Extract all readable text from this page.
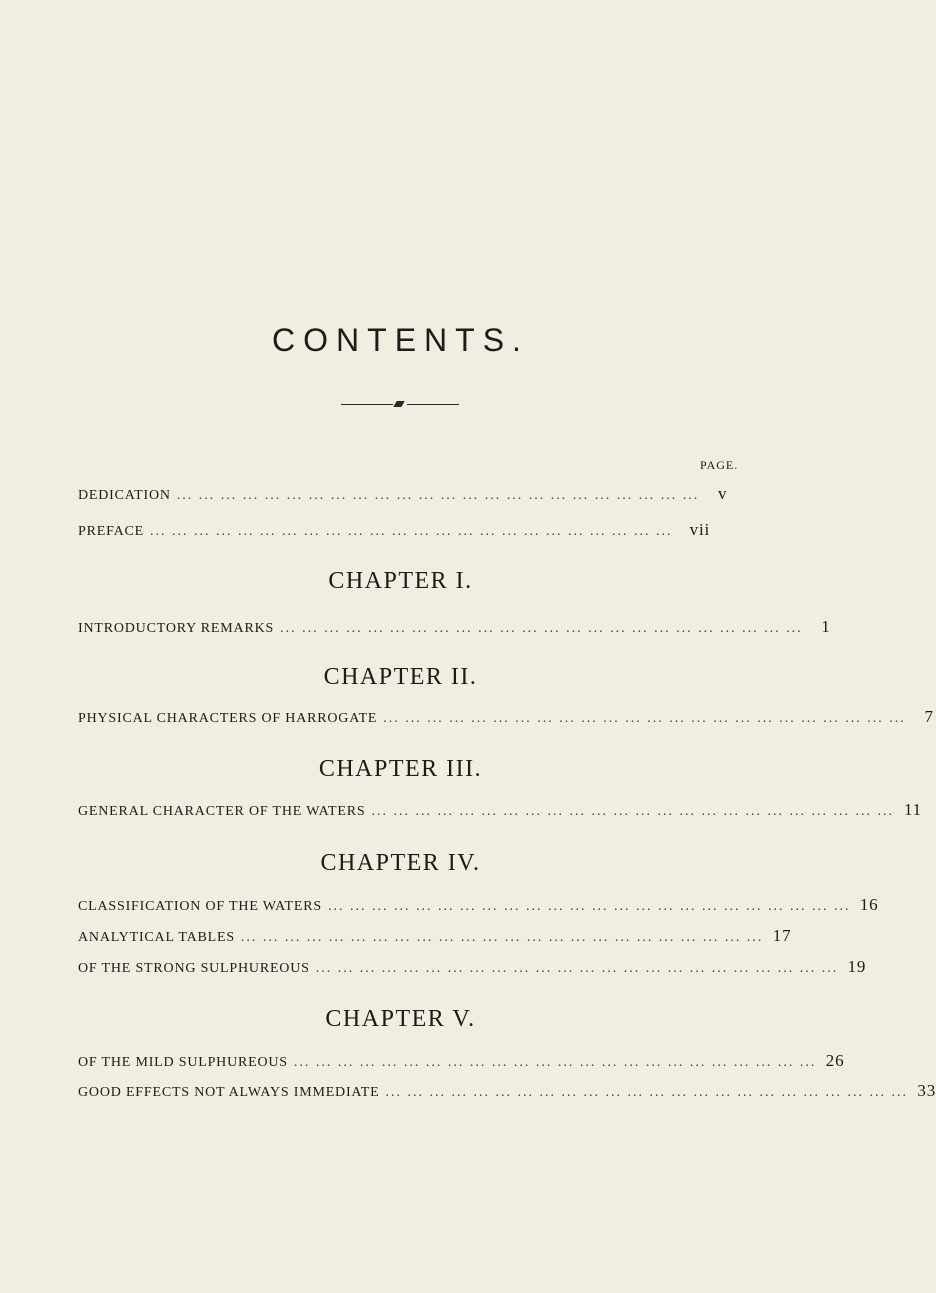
CONTENTS.
PAGE.
DEDICATION ... ... ... ... ... ... ... ... ... ... ... ... ... ... ... ... ... ... ... ... ... ... ... ...	v
PREFACE ... ... ... ... ... ... ... ... ... ... ... ... ... ... ... ... ... ... ... ... ... ... ... ...	vii
CHAPTER I.
INTRODUCTORY REMARKS ... ... ... ... ... ... ... ... ... ... ... ... ... ... ... ... ... ... ... ... ... ... ... ...	1
CHAPTER II.
PHYSICAL CHARACTERS OF HARROGATE ... ... ... ... ... ... ... ... ... ... ... ... ... ... ... ... ... ... ... ... ... ... ... ...	7
CHAPTER III.
GENERAL CHARACTER OF THE WATERS ... ... ... ... ... ... ... ... ... ... ... ... ... ... ... ... ... ... ... ... ... ... ... ... 11
CHAPTER IV.
CLASSIFICATION OF THE WATERS ... ... ... ... ... ... ... ... ... ... ... ... ... ... ... ... ... ... ... ... ... ... ... ... 16
ANALYTICAL TABLES ... ... ... ... ... ... ... ... ... ... ... ... ... ... ... ... ... ... ... ... ... ... ... ... 17
OF THE STRONG SULPHUREOUS ... ... ... ... ... ... ... ... ... ... ... ... ... ... ... ... ... ... ... ... ... ... ... ... 19
CHAPTER V.
OF THE MILD SULPHUREOUS ... ... ... ... ... ... ... ... ... ... ... ... ... ... ... ... ... ... ... ... ... ... ... ... 26
GOOD EFFECTS NOT ALWAYS IMMEDIATE ... ... ... ... ... ... ... ... ... ... ... ... ... ... ... ... ... ... ... ... ... ... ... ... 33
